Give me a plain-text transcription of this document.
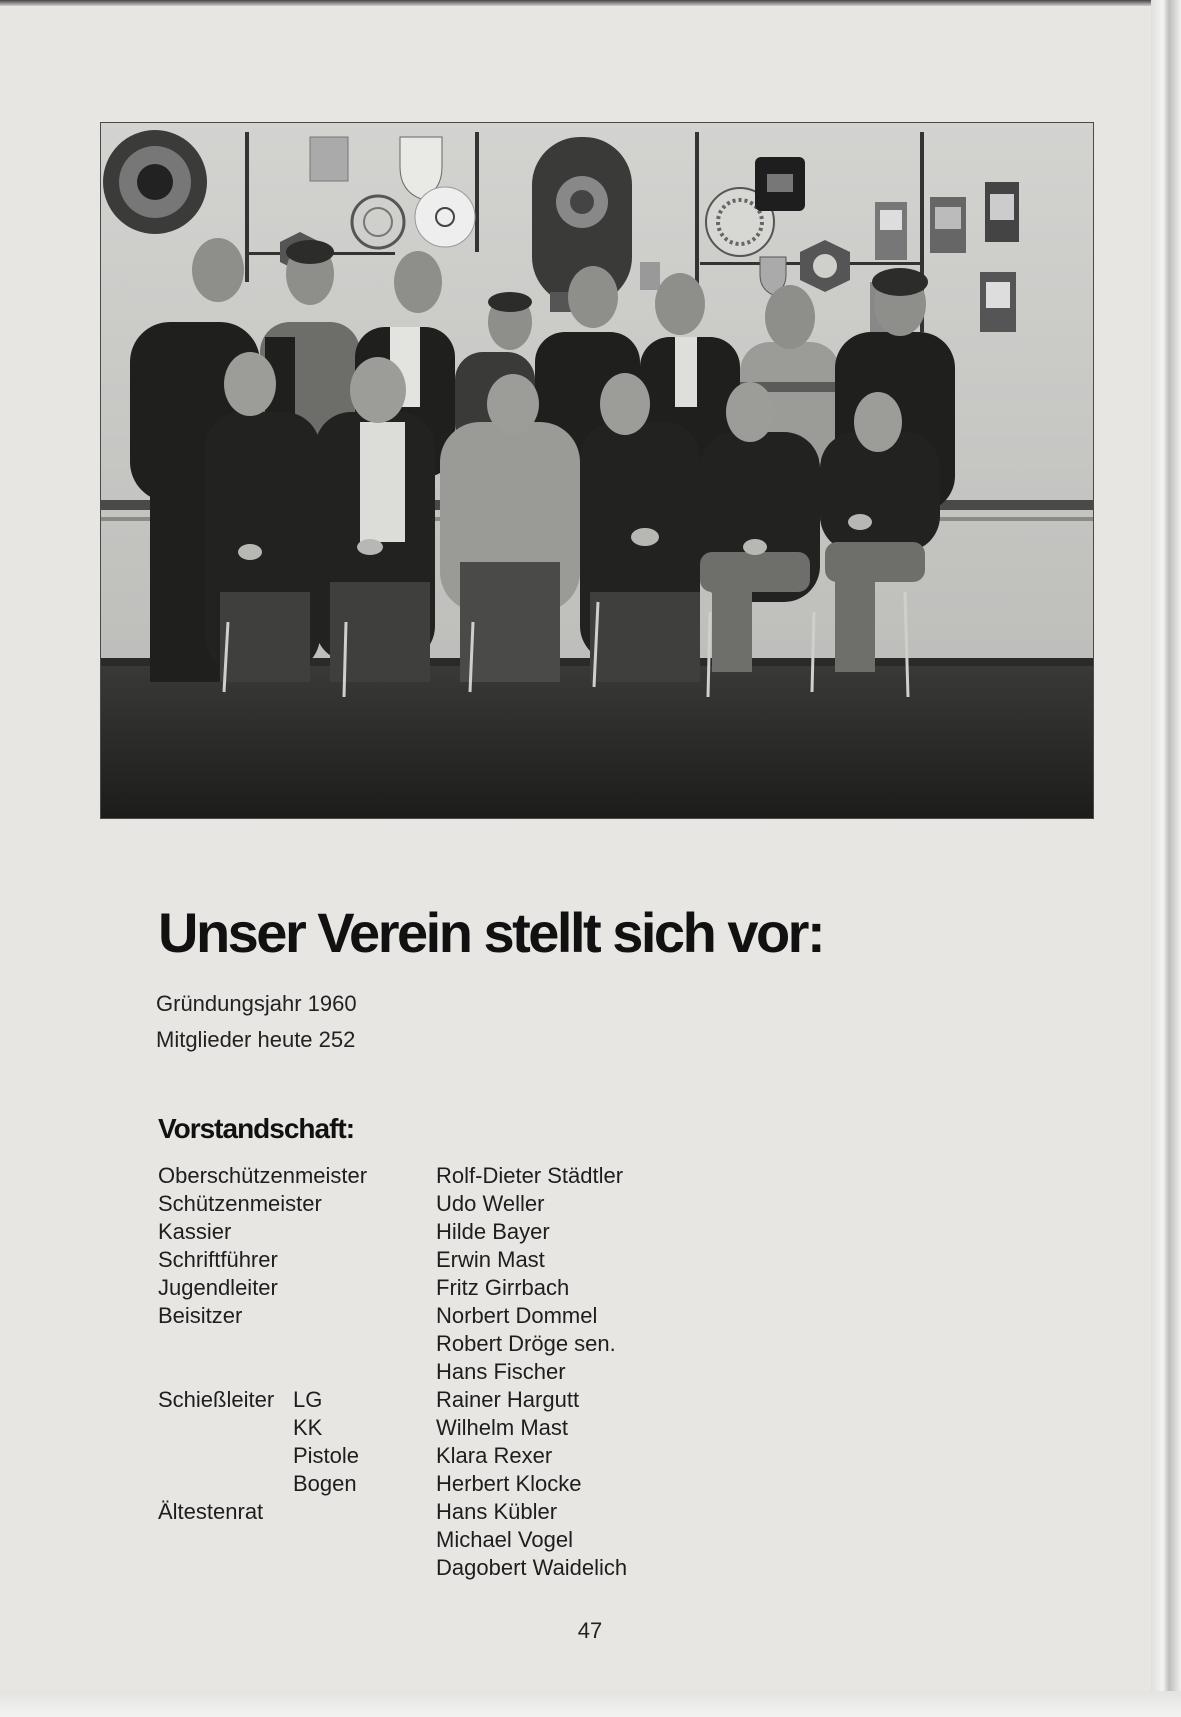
Unser Verein stellt sich vor:
Gründungsjahr 1960
Mitglieder heute 252
Vorstandschaft:
Oberschützenmeister	Rolf-Dieter Städtler
Schützenmeister	Udo Weller
Kassier	Hilde Bayer
Schriftführer	Erwin Mast
Jugendleiter	Fritz Girrbach
Beisitzer	Norbert Dommel
Robert Dröge sen.
Hans Fischer
Schießleiter LG	Rainer Hargutt
KK	Wilhelm Mast
Pistole	Klara Rexer
Bogen	Herbert Klocke
Ältestenrat	Hans Kübler
Michael Vogel
Dagobert Waidelich
47
